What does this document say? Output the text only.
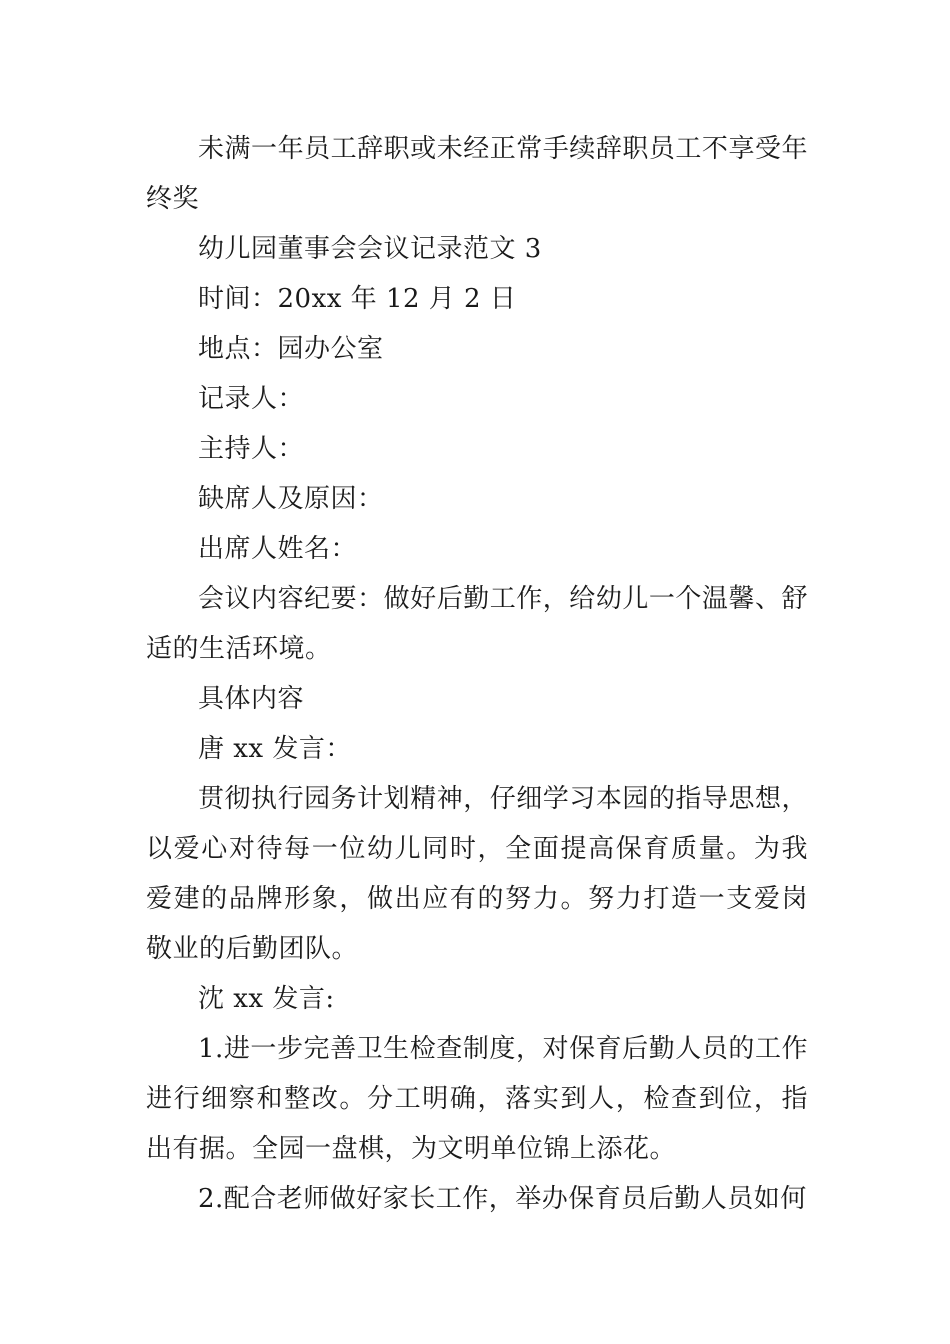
未满一年员工辞职或未经正常手续辞职员工不享受年终奖

幼儿园董事会会议记录范文 3

时间：20xx 年 12 月 2 日

地点：园办公室

记录人：

主持人：

缺席人及原因：

出席人姓名：

会议内容纪要：做好后勤工作，给幼儿一个温馨、舒适的生活环境。

具体内容

唐 xx 发言：

贯彻执行园务计划精神，仔细学习本园的指导思想，以爱心对待每一位幼儿同时，全面提高保育质量。为我爱建的品牌形象，做出应有的努力。努力打造一支爱岗敬业的后勤团队。

沈 xx 发言:

1.进一步完善卫生检查制度，对保育后勤人员的工作进行细察和整改。分工明确，落实到人，检查到位，指出有据。全园一盘棋，为文明单位锦上添花。

2.配合老师做好家长工作，举办保育员后勤人员如何
